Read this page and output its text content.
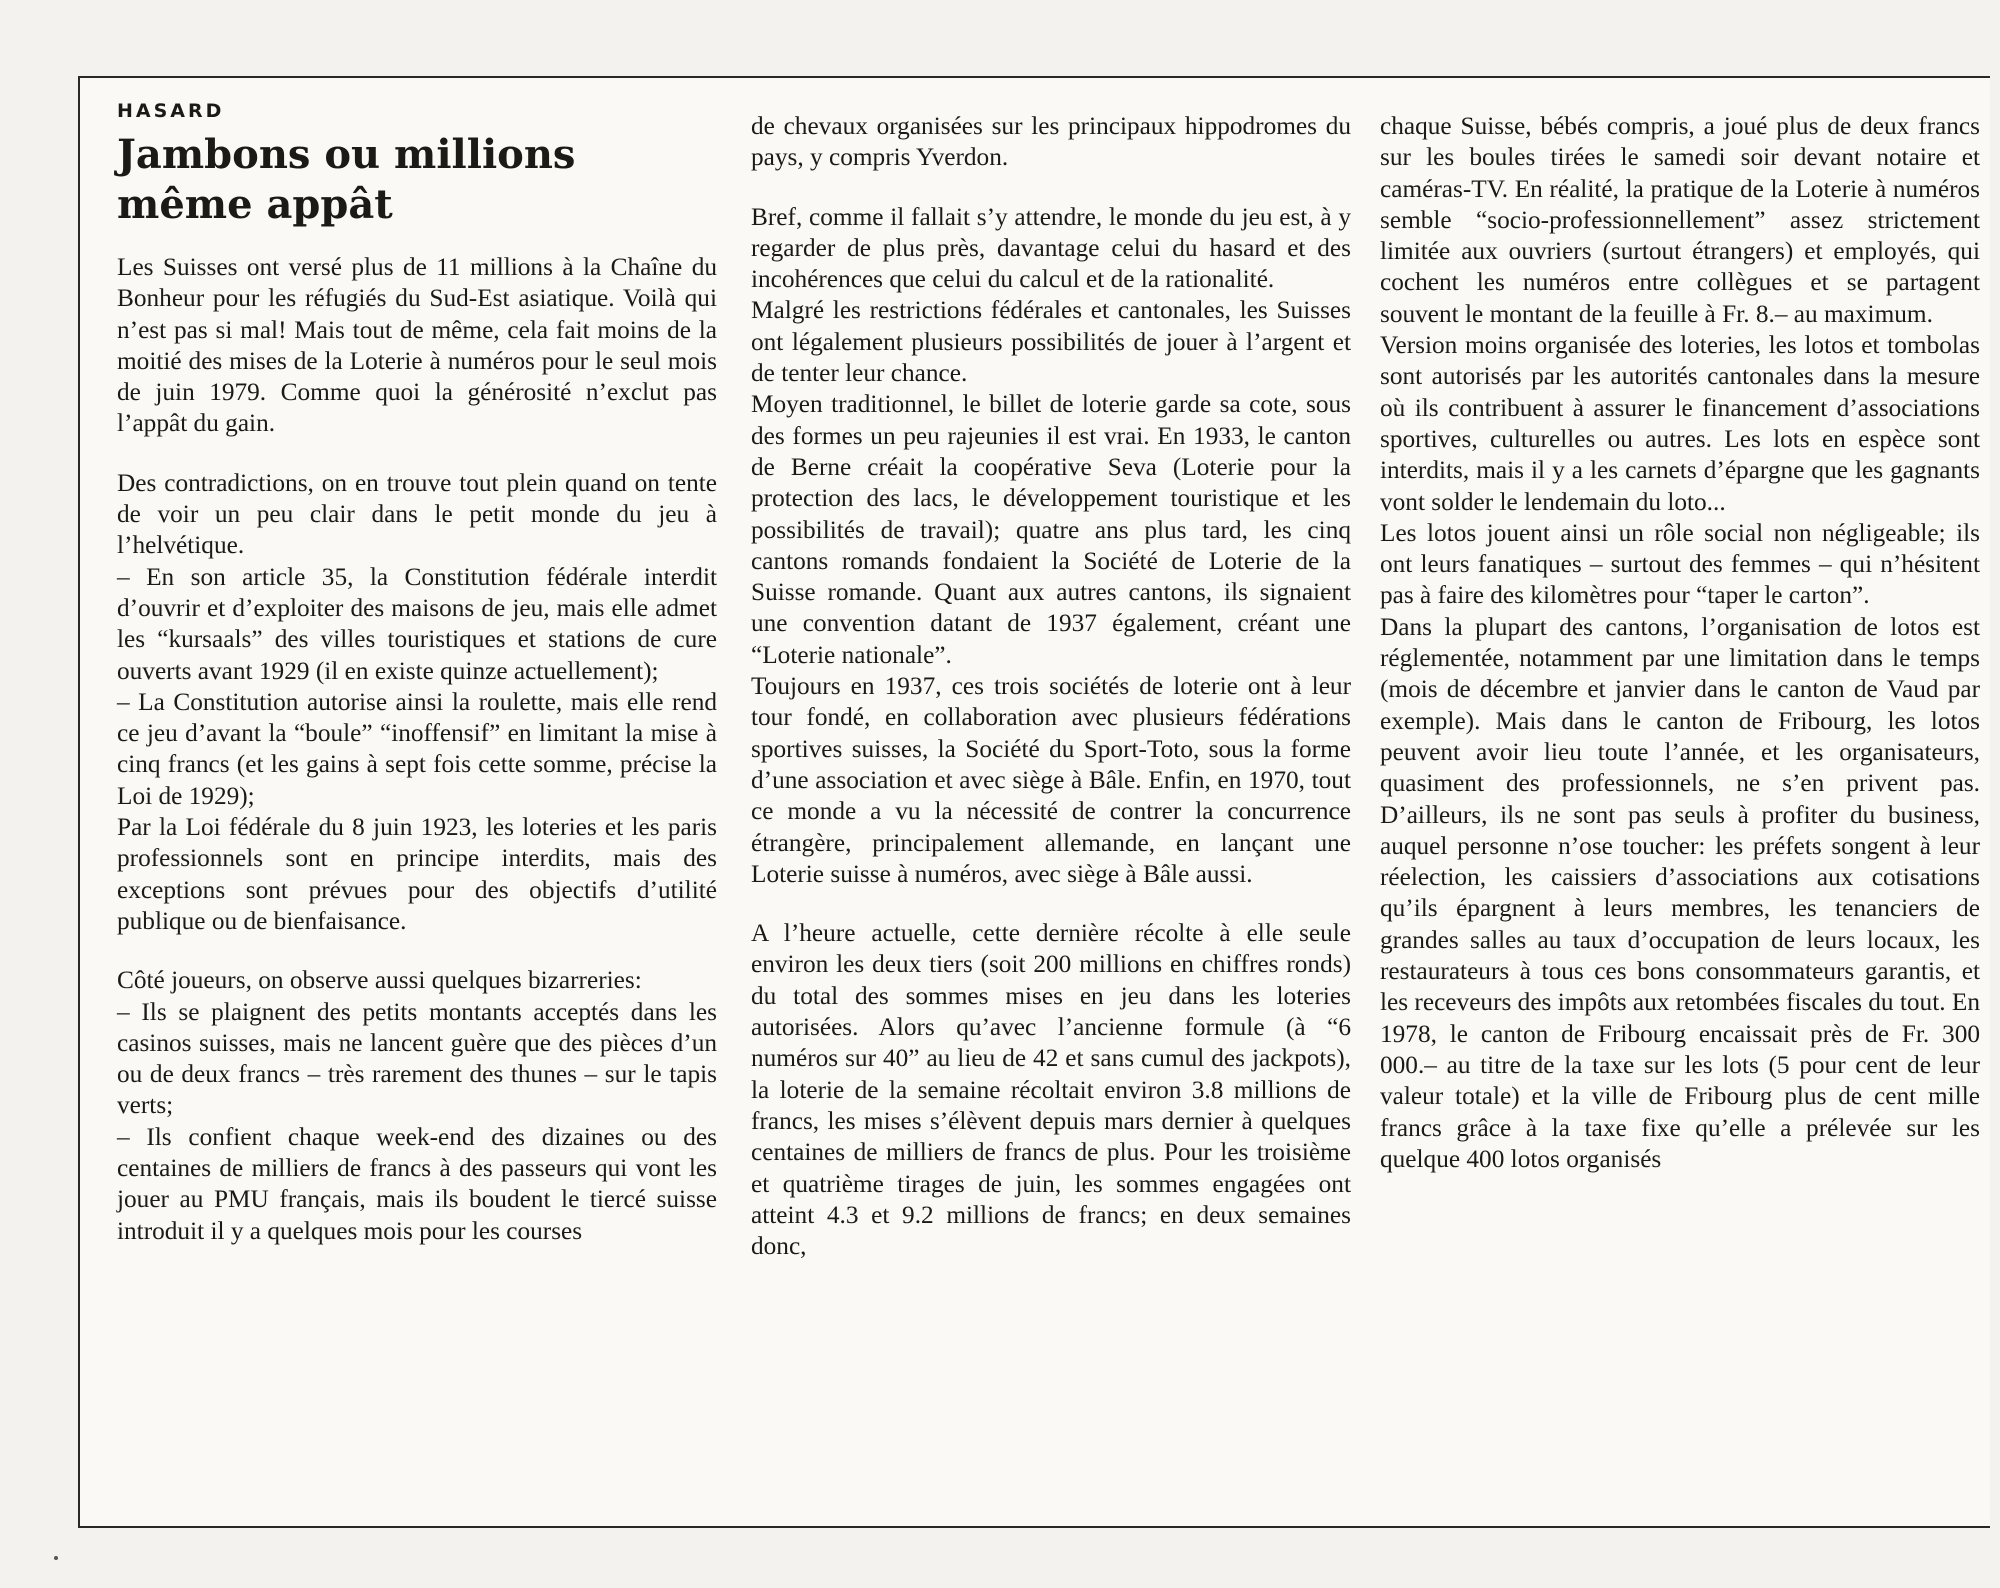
HASARD
Jambons ou millions
même appât

Les Suisses ont versé plus de 11 millions à la Chaîne du Bonheur pour les réfugiés du Sud-Est asiatique. Voilà qui n’est pas si mal! Mais tout de même, cela fait moins de la moitié des mises de la Loterie à numéros pour le seul mois de juin 1979. Comme quoi la générosité n’exclut pas l’appât du gain.

Des contradictions, on en trouve tout plein quand on tente de voir un peu clair dans le petit monde du jeu à l’helvétique.

– En son article 35, la Constitution fédérale interdit d’ouvrir et d’exploiter des maisons de jeu, mais elle admet les “kursaals” des villes touristiques et stations de cure ouverts avant 1929 (il en existe quinze actuellement);

– La Constitution autorise ainsi la roulette, mais elle rend ce jeu d’avant la “boule” “inoffensif” en limitant la mise à cinq francs (et les gains à sept fois cette somme, précise la Loi de 1929);

Par la Loi fédérale du 8 juin 1923, les loteries et les paris professionnels sont en principe interdits, mais des exceptions sont prévues pour des objectifs d’utilité publique ou de bienfaisance.

Côté joueurs, on observe aussi quelques bizarreries:

– Ils se plaignent des petits montants acceptés dans les casinos suisses, mais ne lancent guère que des pièces d’un ou de deux francs – très rarement des thunes – sur le tapis verts;

– Ils confient chaque week-end des dizaines ou des centaines de milliers de francs à des passeurs qui vont les jouer au PMU français, mais ils boudent le tiercé suisse introduit il y a quelques mois pour les courses

de chevaux organisées sur les principaux hippodromes du pays, y compris Yverdon.

Bref, comme il fallait s’y attendre, le monde du jeu est, à y regarder de plus près, davantage celui du hasard et des incohérences que celui du calcul et de la rationalité.

Malgré les restrictions fédérales et cantonales, les Suisses ont légalement plusieurs possibilités de jouer à l’argent et de tenter leur chance.

Moyen traditionnel, le billet de loterie garde sa cote, sous des formes un peu rajeunies il est vrai. En 1933, le canton de Berne créait la coopérative Seva (Loterie pour la protection des lacs, le développement touristique et les possibilités de travail); quatre ans plus tard, les cinq cantons romands fondaient la Société de Loterie de la Suisse romande. Quant aux autres cantons, ils signaient une convention datant de 1937 également, créant une “Loterie nationale”.

Toujours en 1937, ces trois sociétés de loterie ont à leur tour fondé, en collaboration avec plusieurs fédérations sportives suisses, la Société du Sport-Toto, sous la forme d’une association et avec siège à Bâle. Enfin, en 1970, tout ce monde a vu la nécessité de contrer la concurrence étrangère, principalement allemande, en lançant une Loterie suisse à numéros, avec siège à Bâle aussi.

A l’heure actuelle, cette dernière récolte à elle seule environ les deux tiers (soit 200 millions en chiffres ronds) du total des sommes mises en jeu dans les loteries autorisées. Alors qu’avec l’ancienne formule (à “6 numéros sur 40” au lieu de 42 et sans cumul des jackpots), la loterie de la semaine récoltait environ 3.8 millions de francs, les mises s’élèvent depuis mars dernier à quelques centaines de milliers de francs de plus. Pour les troisième et quatrième tirages de juin, les sommes engagées ont atteint 4.3 et 9.2 millions de francs; en deux semaines donc,

chaque Suisse, bébés compris, a joué plus de deux francs sur les boules tirées le samedi soir devant notaire et caméras-TV. En réalité, la pratique de la Loterie à numéros semble “socio-professionnellement” assez strictement limitée aux ouvriers (surtout étrangers) et employés, qui cochent les numéros entre collègues et se partagent souvent le montant de la feuille à Fr. 8.– au maximum.

Version moins organisée des loteries, les lotos et tombolas sont autorisés par les autorités cantonales dans la mesure où ils contribuent à assurer le financement d’associations sportives, culturelles ou autres. Les lots en espèce sont interdits, mais il y a les carnets d’épargne que les gagnants vont solder le lendemain du loto...

Les lotos jouent ainsi un rôle social non négligeable; ils ont leurs fanatiques – surtout des femmes – qui n’hésitent pas à faire des kilomètres pour “taper le carton”.

Dans la plupart des cantons, l’organisation de lotos est réglementée, notamment par une limitation dans le temps (mois de décembre et janvier dans le canton de Vaud par exemple). Mais dans le canton de Fribourg, les lotos peuvent avoir lieu toute l’année, et les organisateurs, quasiment des professionnels, ne s’en privent pas. D’ailleurs, ils ne sont pas seuls à profiter du business, auquel personne n’ose toucher: les préfets songent à leur réelection, les caissiers d’associations aux cotisations qu’ils épargnent à leurs membres, les tenanciers de grandes salles au taux d’occupation de leurs locaux, les restaurateurs à tous ces bons consommateurs garantis, et les receveurs des impôts aux retombées fiscales du tout. En 1978, le canton de Fribourg encaissait près de Fr. 300 000.– au titre de la taxe sur les lots (5 pour cent de leur valeur totale) et la ville de Fribourg plus de cent mille francs grâce à la taxe fixe qu’elle a prélevée sur les quelque 400 lotos organisés
